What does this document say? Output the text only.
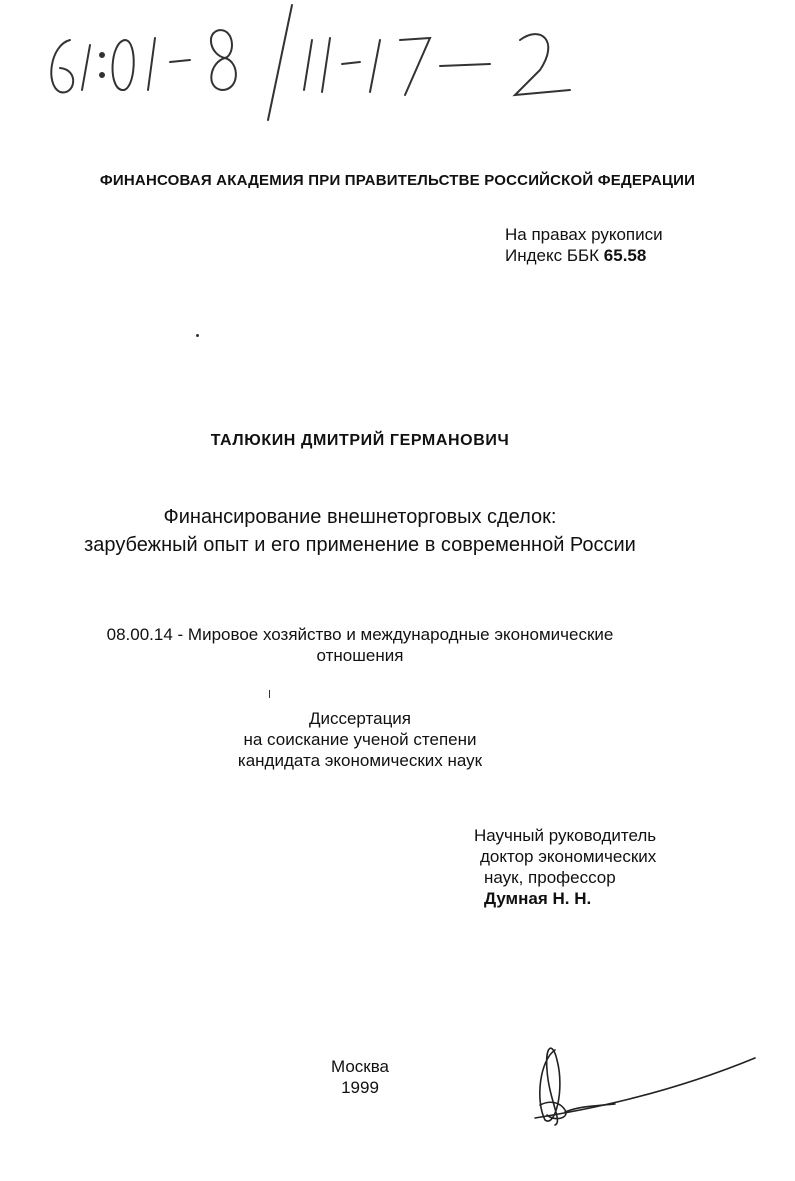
ФИНАНСОВАЯ АКАДЕМИЯ ПРИ ПРАВИТЕЛЬСТВЕ РОССИЙСКОЙ ФЕДЕРАЦИИ
На правах рукописи
Индекс ББК 65.58
ТАЛЮКИН ДМИТРИЙ ГЕРМАНОВИЧ
Финансирование внешнеторговых сделок:
зарубежный опыт и его применение в современной России
08.00.14 - Мировое хозяйство и международные экономические
отношения
Диссертация
на соискание ученой степени
кандидата экономических наук
Научный руководитель
доктор экономических
наук, профессор
Думная Н. Н.
Москва
1999
